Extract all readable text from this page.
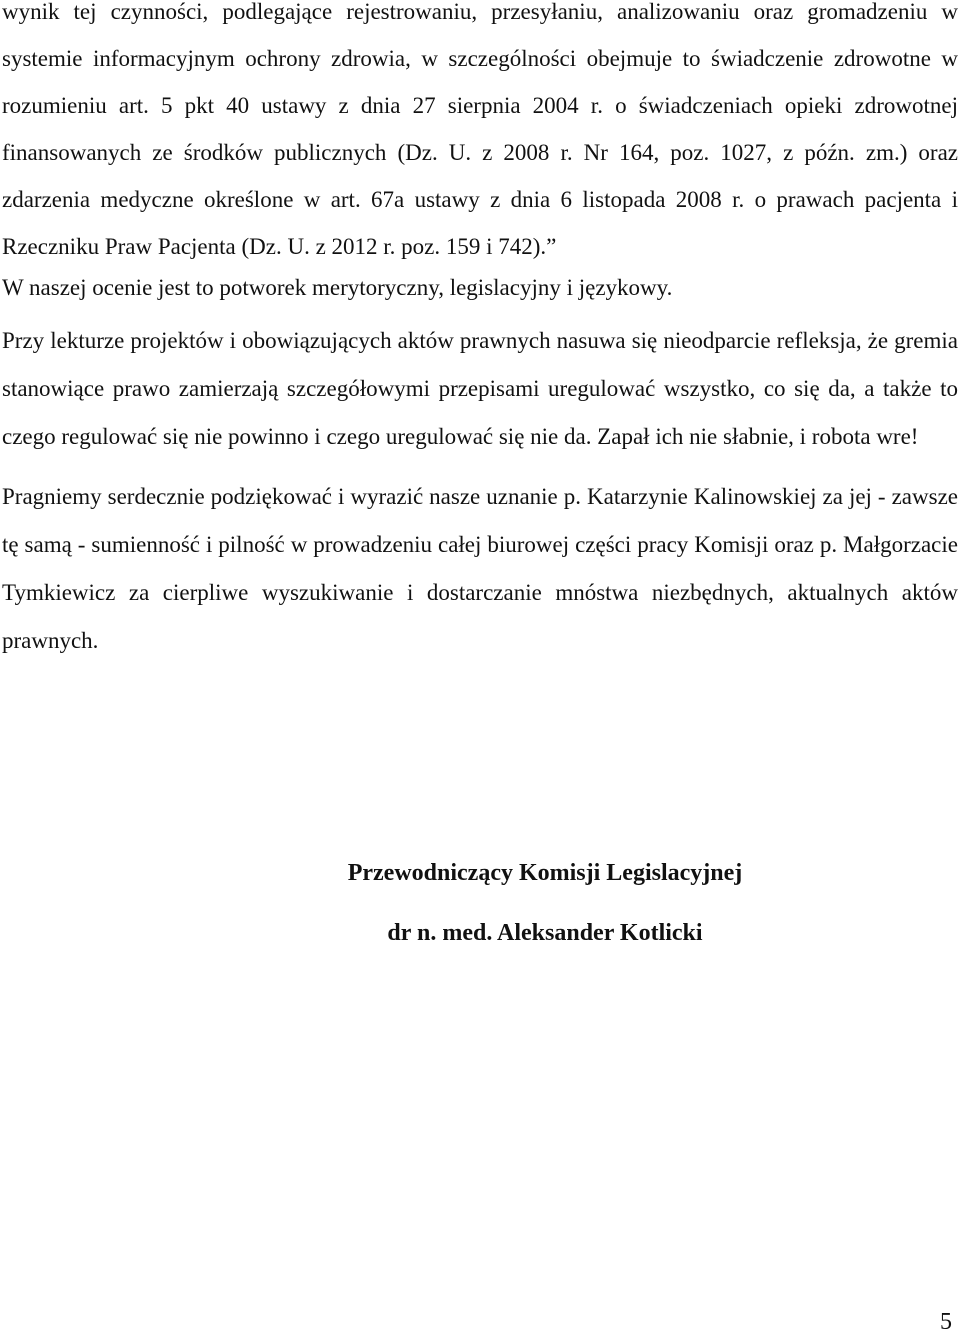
wynik tej czynności, podlegające rejestrowaniu, przesyłaniu, analizowaniu oraz gromadzeniu w systemie informacyjnym ochrony zdrowia, w szczególności obejmuje to świadczenie zdrowotne w rozumieniu art. 5 pkt 40 ustawy z dnia 27 sierpnia 2004 r. o świadczeniach opieki zdrowotnej finansowanych ze środków publicznych (Dz. U. z 2008 r. Nr 164, poz. 1027, z późn. zm.) oraz zdarzenia medyczne określone w art. 67a ustawy z dnia 6 listopada 2008 r. o prawach pacjenta i Rzeczniku Praw Pacjenta (Dz. U. z 2012 r. poz. 159 i 742).”

W naszej ocenie jest to potworek merytoryczny, legislacyjny i językowy.

Przy lekturze projektów i obowiązujących aktów prawnych nasuwa się nieodparcie refleksja, że gremia stanowiące prawo zamierzają szczegółowymi przepisami uregulować wszystko, co się da, a także to czego regulować się nie powinno i czego uregulować się nie da. Zapał ich nie słabnie, i robota wre!

Pragniemy serdecznie podziękować i wyrazić nasze uznanie p. Katarzynie Kalinowskiej za jej - zawsze tę samą - sumienność i pilność w prowadzeniu całej biurowej części pracy Komisji oraz p. Małgorzacie Tymkiewicz za cierpliwe wyszukiwanie i dostarczanie mnóstwa niezbędnych, aktualnych aktów prawnych.

Przewodniczący Komisji Legislacyjnej
dr n. med. Aleksander Kotlicki
5
